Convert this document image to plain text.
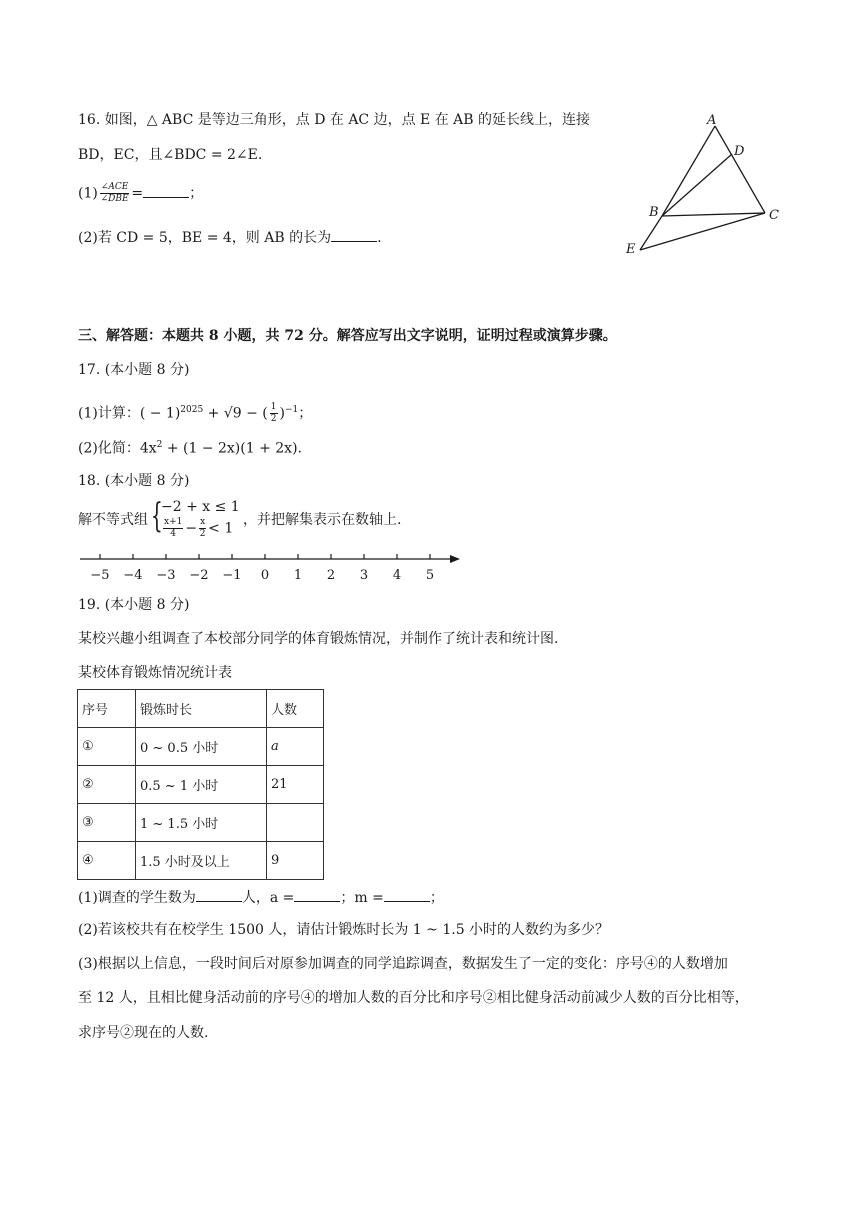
16. 如图，△ ABC 是等边三角形，点 D 在 AC 边，点 E 在 AB 的延长线上，连接
BD，EC，且∠BDC = 2∠E.
$(1) \frac{\text{∠ACE}}{\text{∠DBE}}$ =	；
(2)若 CD = 5，BE = 4，则 AB 的长为	.
A
D
B	C
E
三、解答题：本题共 8 小题，共 72 分。解答应写出文字说明，证明过程或演算步骤。
17. (本小题 8 分)
(1)计算：( − 1)$^{2025}$ + √9 − ( $\frac{1}{2} )^{-1}$；
(2)化简：$4x^2 + (1 - 2x)(1 + 2x)$.
18. (本小题 8 分)
解不等式组 {
−2 + x ≤ 1
$\frac{x+1}{4} - \frac{x}{2} < 1$
，并把解集表示在数轴上.
−5 −4 −3 −2 −1 0 1 2 3 4 5
19. (本小题 8 分)
某校兴趣小组调查了本校部分同学的体育锻炼情况，并制作了统计表和统计图.
某校体育锻炼情况统计表
序号	锻炼时长	人数
①	0 ~ 0.5 小时	a
②	0.5 ~ 1 小时	21
③	1 ~ 1.5 小时	
④	1.5 小时及以上	9
(1)调查的学生数为	人，a =	；m =	；
(2)若该校共有在校学生 1500 人，请估计锻炼时长为 1 ~ 1.5 小时的人数约为多少？
(3)根据以上信息，一段时间后对原参加调查的同学追踪调查，数据发生了一定的变化：序号④的人数增加
至 12 人，且相比健身活动前的序号④的增加人数的百分比和序号②相比健身活动前减少人数的百分比相等，
求序号②现在的人数.
